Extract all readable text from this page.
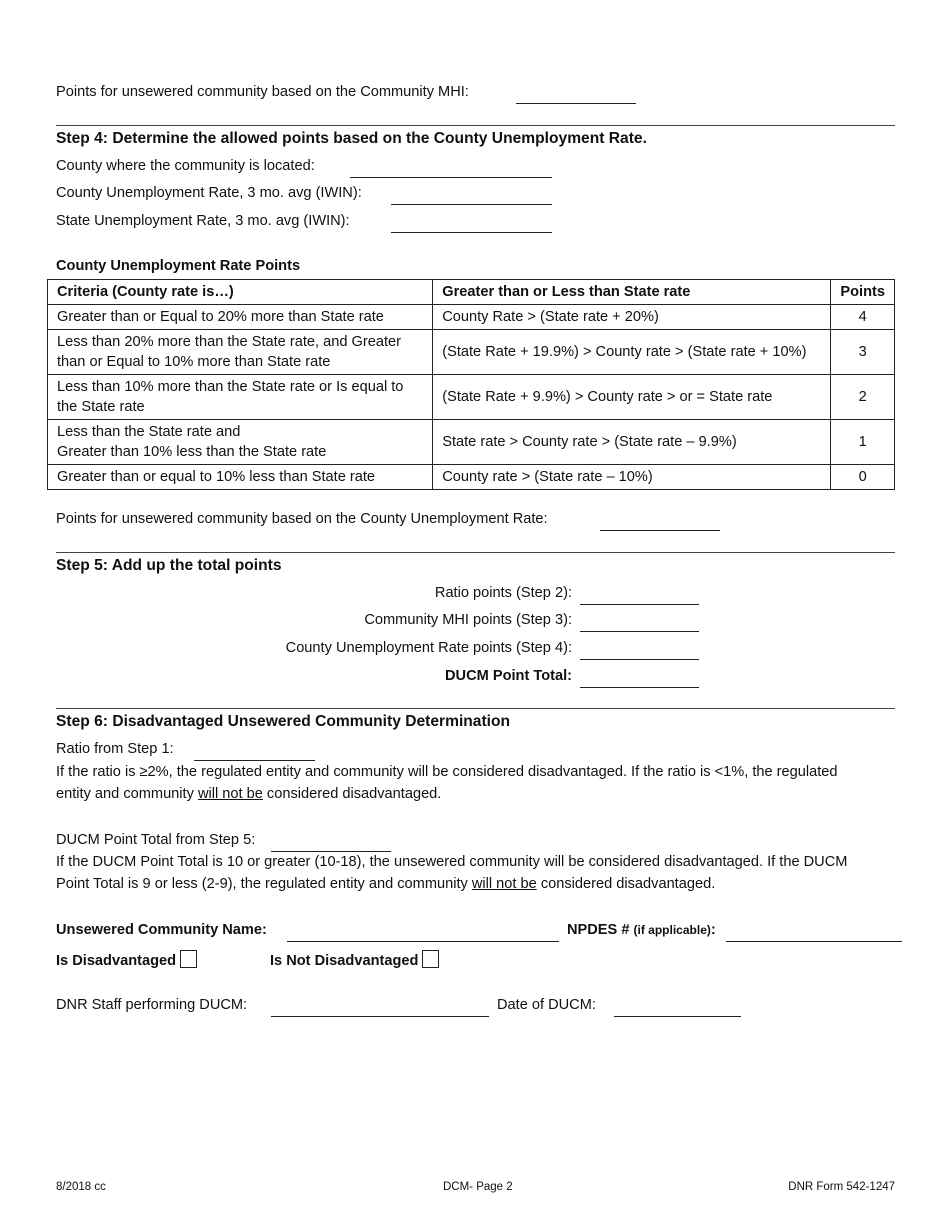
Points for unsewered community based on the Community MHI:
Step 4: Determine the allowed points based on the County Unemployment Rate.
County where the community is located:
County Unemployment Rate, 3 mo. avg (IWIN):
State Unemployment Rate, 3 mo. avg (IWIN):
County Unemployment Rate Points
Criteria (County rate is…)	Greater than or Less than State rate	Points
Greater than or Equal to 20% more than State rate	County Rate > (State rate + 20%)	4
Less than 20% more than the State rate, and Greater than or Equal to 10% more than State rate	(State Rate + 19.9%) > County rate > (State rate + 10%)	3
Less than 10% more than the State rate or Is equal to the State rate	(State Rate + 9.9%) > County rate > or = State rate	2
Less than the State rate and
Greater than 10% less than the State rate	State rate > County rate > (State rate – 9.9%)	1
Greater than or equal to 10% less than State rate	County rate > (State rate – 10%)	0
Points for unsewered community based on the County Unemployment Rate:
Step 5: Add up the total points
Ratio points (Step 2):
Community MHI points (Step 3):
County Unemployment Rate points (Step 4):
DUCM Point Total:
Step 6: Disadvantaged Unsewered Community Determination
Ratio from Step 1:
If the ratio is ≥2%, the regulated entity and community will be considered disadvantaged. If the ratio is <1%, the regulated entity and community will not be considered disadvantaged.
DUCM Point Total from Step 5:
If the DUCM Point Total is 10 or greater (10-18), the unsewered community will be considered disadvantaged. If the DUCM Point Total is 9 or less (2-9), the regulated entity and community will not be considered disadvantaged.
Unsewered Community Name:	NPDES # (if applicable):
Is Disadvantaged	Is Not Disadvantaged
DNR Staff performing DUCM:	Date of DUCM:
8/2018 cc	DCM- Page 2	DNR Form 542-1247
